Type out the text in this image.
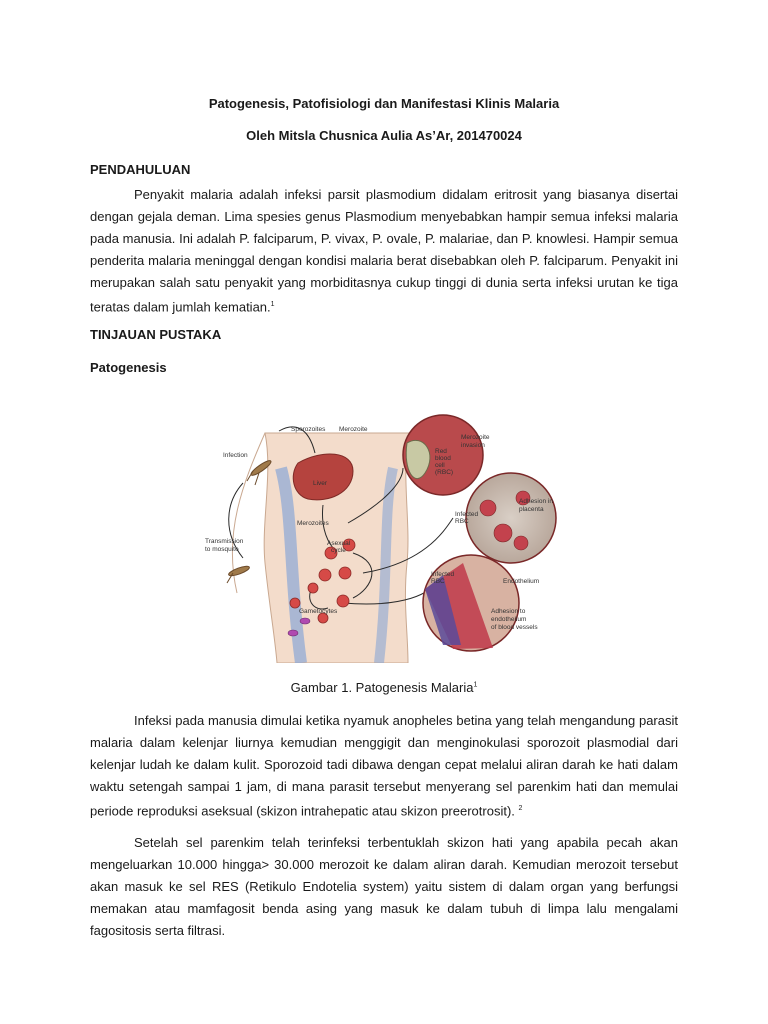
Patogenesis, Patofisiologi dan Manifestasi Klinis Malaria
Oleh Mitsla Chusnica Aulia As’Ar, 201470024
PENDAHULUAN

Penyakit malaria adalah infeksi parsit plasmodium didalam eritrosit yang biasanya disertai dengan gejala deman. Lima spesies genus Plasmodium menyebabkan hampir semua infeksi malaria pada manusia. Ini adalah P. falciparum, P. vivax, P. ovale, P. malariae, dan P. knowlesi. Hampir semua penderita malaria meninggal dengan kondisi malaria berat disebabkan oleh P. falciparum. Penyakit ini merupakan salah satu penyakit yang morbiditasnya cukup tinggi di dunia serta infeksi urutan ke tiga teratas dalam jumlah kematian.$^1$

TINJAUAN PUSTAKA
Patogenesis
Sporozoites
Infection
Merozoite
Merozoite
invasion
Red
blood
cell
(RBC)
Liver
Merozoites
Asexual
cycle
Transmission
to mosquito
Infected
RBC
Adhesion in
placenta
Infected
RBC	Endothelium
Adhesion to
endothelium
of blood vessels
Gametocytes
Gambar 1. Patogenesis Malaria$^1$

Infeksi pada manusia dimulai ketika nyamuk anopheles betina yang telah mengandung parasit malaria dalam kelenjar liurnya kemudian menggigit dan menginokulasi sporozoit plasmodial dari kelenjar ludah ke dalam kulit. Sporozoid tadi dibawa dengan cepat melalui aliran darah ke hati dalam waktu setengah sampai 1 jam, di mana parasit tersebut menyerang sel parenkim hati dan memulai periode reproduksi aseksual (skizon intrahepatic atau skizon preerotrosit). $^2$

Setelah sel parenkim telah terinfeksi terbentuklah skizon hati yang apabila pecah akan mengeluarkan 10.000 hingga> 30.000 merozoit ke dalam aliran darah. Kemudian merozoit tersebut akan masuk ke sel RES (Retikulo Endotelia system) yaitu sistem di dalam organ yang berfungsi memakan atau mamfagosit benda asing yang masuk ke dalam tubuh di limpa lalu mengalami fagositosis serta filtrasi.
